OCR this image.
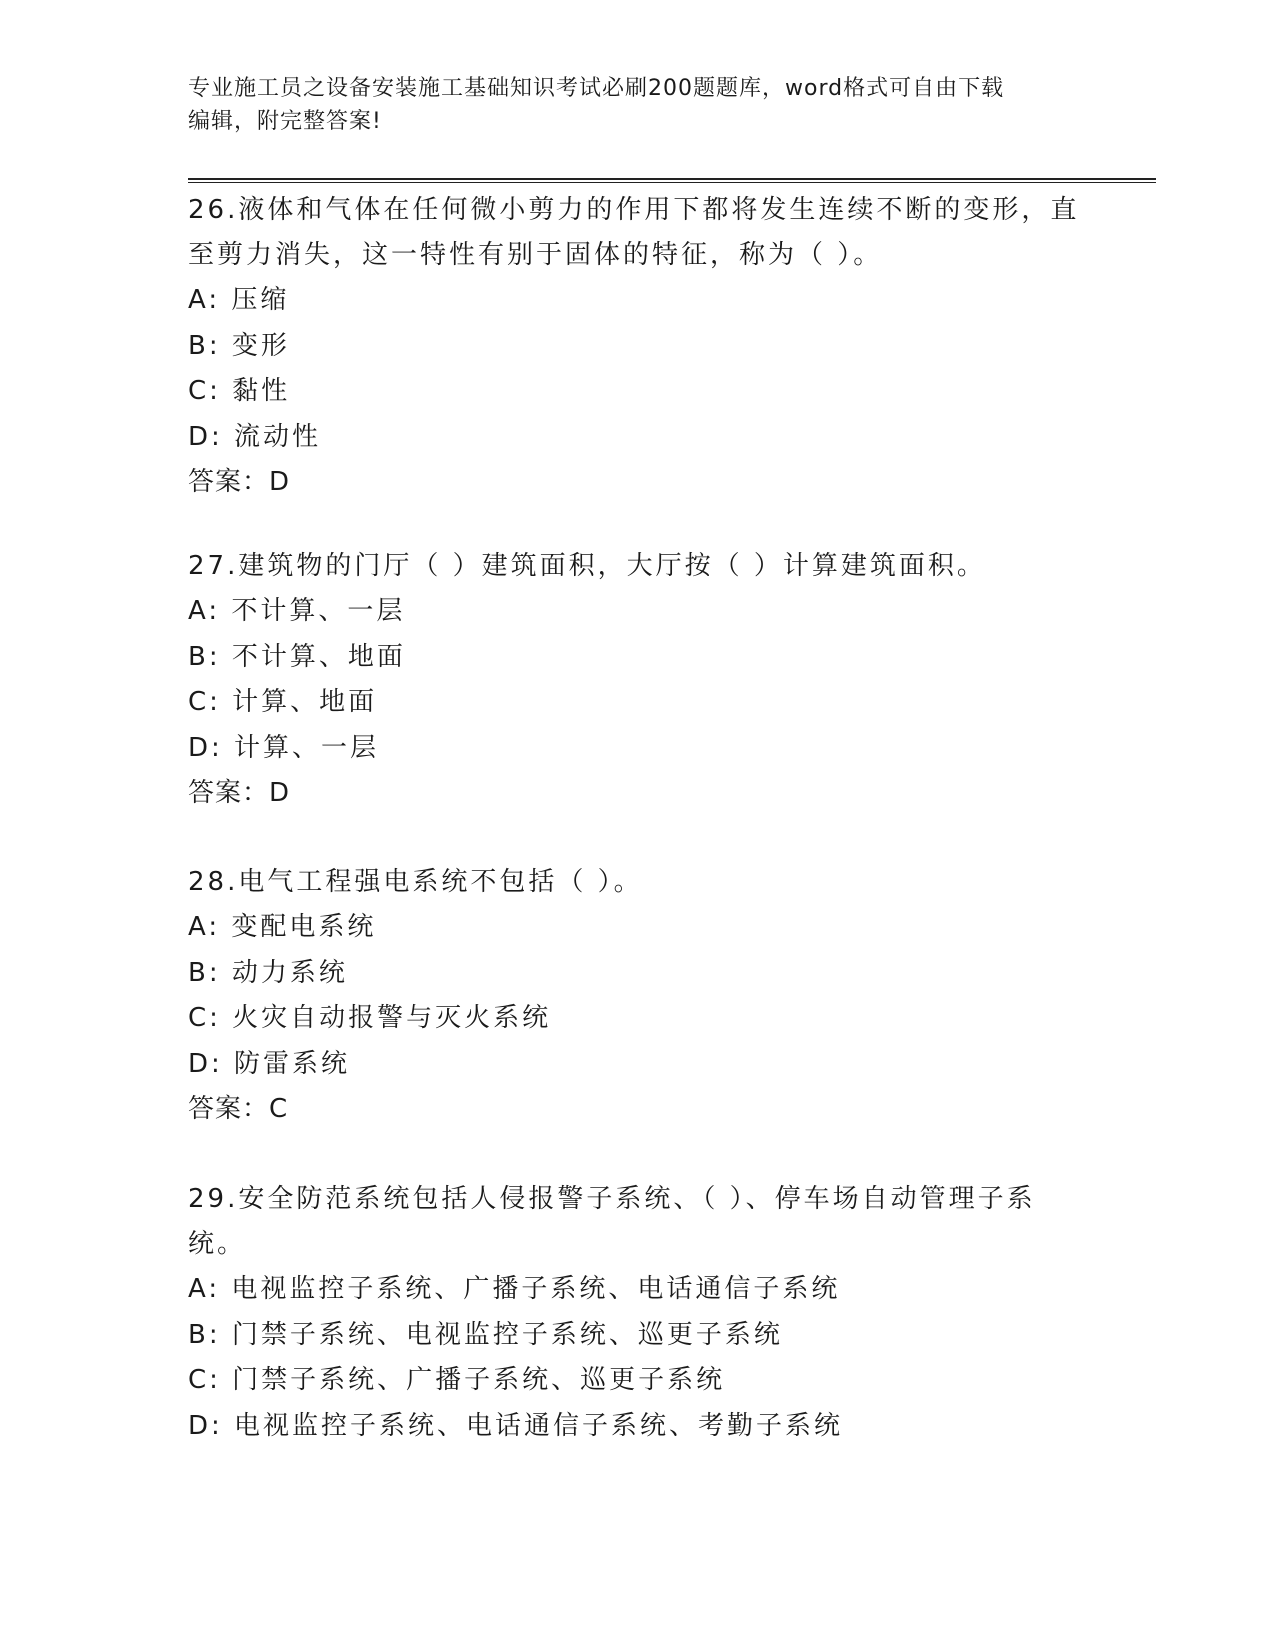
专业施工员之设备安装施工基础知识考试必刷200题题库，word格式可自由下载
编辑，附完整答案!
26.液体和气体在任何微小剪力的作用下都将发生连续不断的变形，直
至剪力消失，这一特性有别于固体的特征，称为（ ）。
A: 压缩
B: 变形
C: 黏性
D: 流动性
答案：D
27.建筑物的门厅（ ）建筑面积，大厅按（ ）计算建筑面积。
A: 不计算、一层
B: 不计算、地面
C: 计算、地面
D: 计算、一层
答案：D
28.电气工程强电系统不包括（ ）。
A: 变配电系统
B: 动力系统
C: 火灾自动报警与灭火系统
D: 防雷系统
答案：C
29.安全防范系统包括人侵报警子系统、（ ）、停车场自动管理子系
统。
A: 电视监控子系统、广播子系统、电话通信子系统
B: 门禁子系统、电视监控子系统、巡更子系统
C: 门禁子系统、广播子系统、巡更子系统
D: 电视监控子系统、电话通信子系统、考勤子系统
